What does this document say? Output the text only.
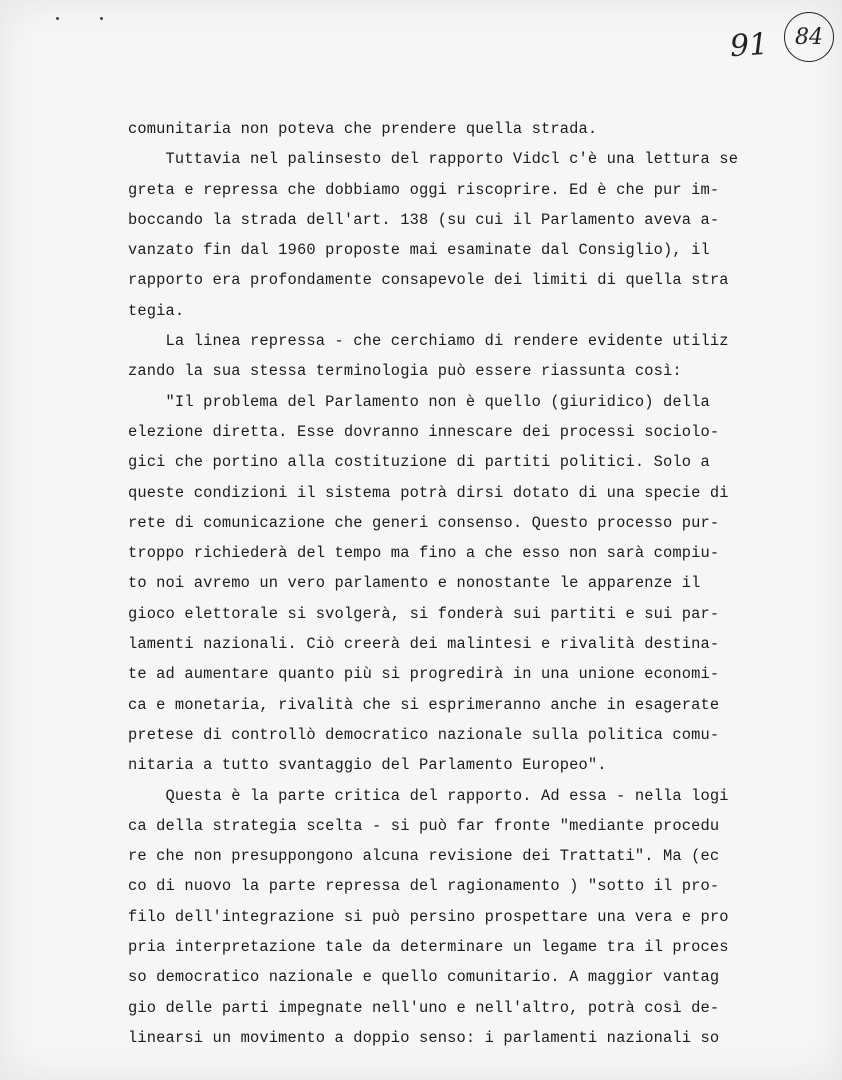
91	84

comunitaria non poteva che prendere quella strada.

Tuttavia nel palinsesto del rapporto Vidcl c'è una lettura se

greta e repressa che dobbiamo oggi riscoprire. Ed è che pur im-

boccando la strada dell'art. 138 (su cui il Parlamento aveva a-

vanzato fin dal 1960 proposte mai esaminate dal Consiglio), il

rapporto era profondamente consapevole dei limiti di quella stra

tegia.

La linea repressa - che cerchiamo di rendere evidente utiliz

zando la sua stessa terminologia può essere riassunta così:

"Il problema del Parlamento non è quello (giuridico) della

elezione diretta. Esse dovranno innescare dei processi sociolo-

gici che portino alla costituzione di partiti politici. Solo a

queste condizioni il sistema potrà dirsi dotato di una specie di

rete di comunicazione che generi consenso. Questo processo pur-

troppo richiederà del tempo ma fino a che esso non sarà compiu-

to noi avremo un vero parlamento e nonostante le apparenze il

gioco elettorale si svolgerà, si fonderà sui partiti e sui par-

lamenti nazionali. Ciò creerà dei malintesi e rivalità destina-

te ad aumentare quanto più si progredirà in una unione economi-

ca e monetaria, rivalità che si esprimeranno anche in esagerate

pretese di controllò democratico nazionale sulla politica comu-

nitaria a tutto svantaggio del Parlamento Europeo".

Questa è la parte critica del rapporto. Ad essa - nella logi

ca della strategia scelta - si può far fronte "mediante procedu

re che non presuppongono alcuna revisione dei Trattati". Ma (ec

co di nuovo la parte repressa del ragionamento ) "sotto il pro-

filo dell'integrazione si può persino prospettare una vera e pro

pria interpretazione tale da determinare un legame tra il proces

so democratico nazionale e quello comunitario. A maggior vantag

gio delle parti impegnate nell'uno e nell'altro, potrà così de-

linearsi un movimento a doppio senso: i parlamenti nazionali so
